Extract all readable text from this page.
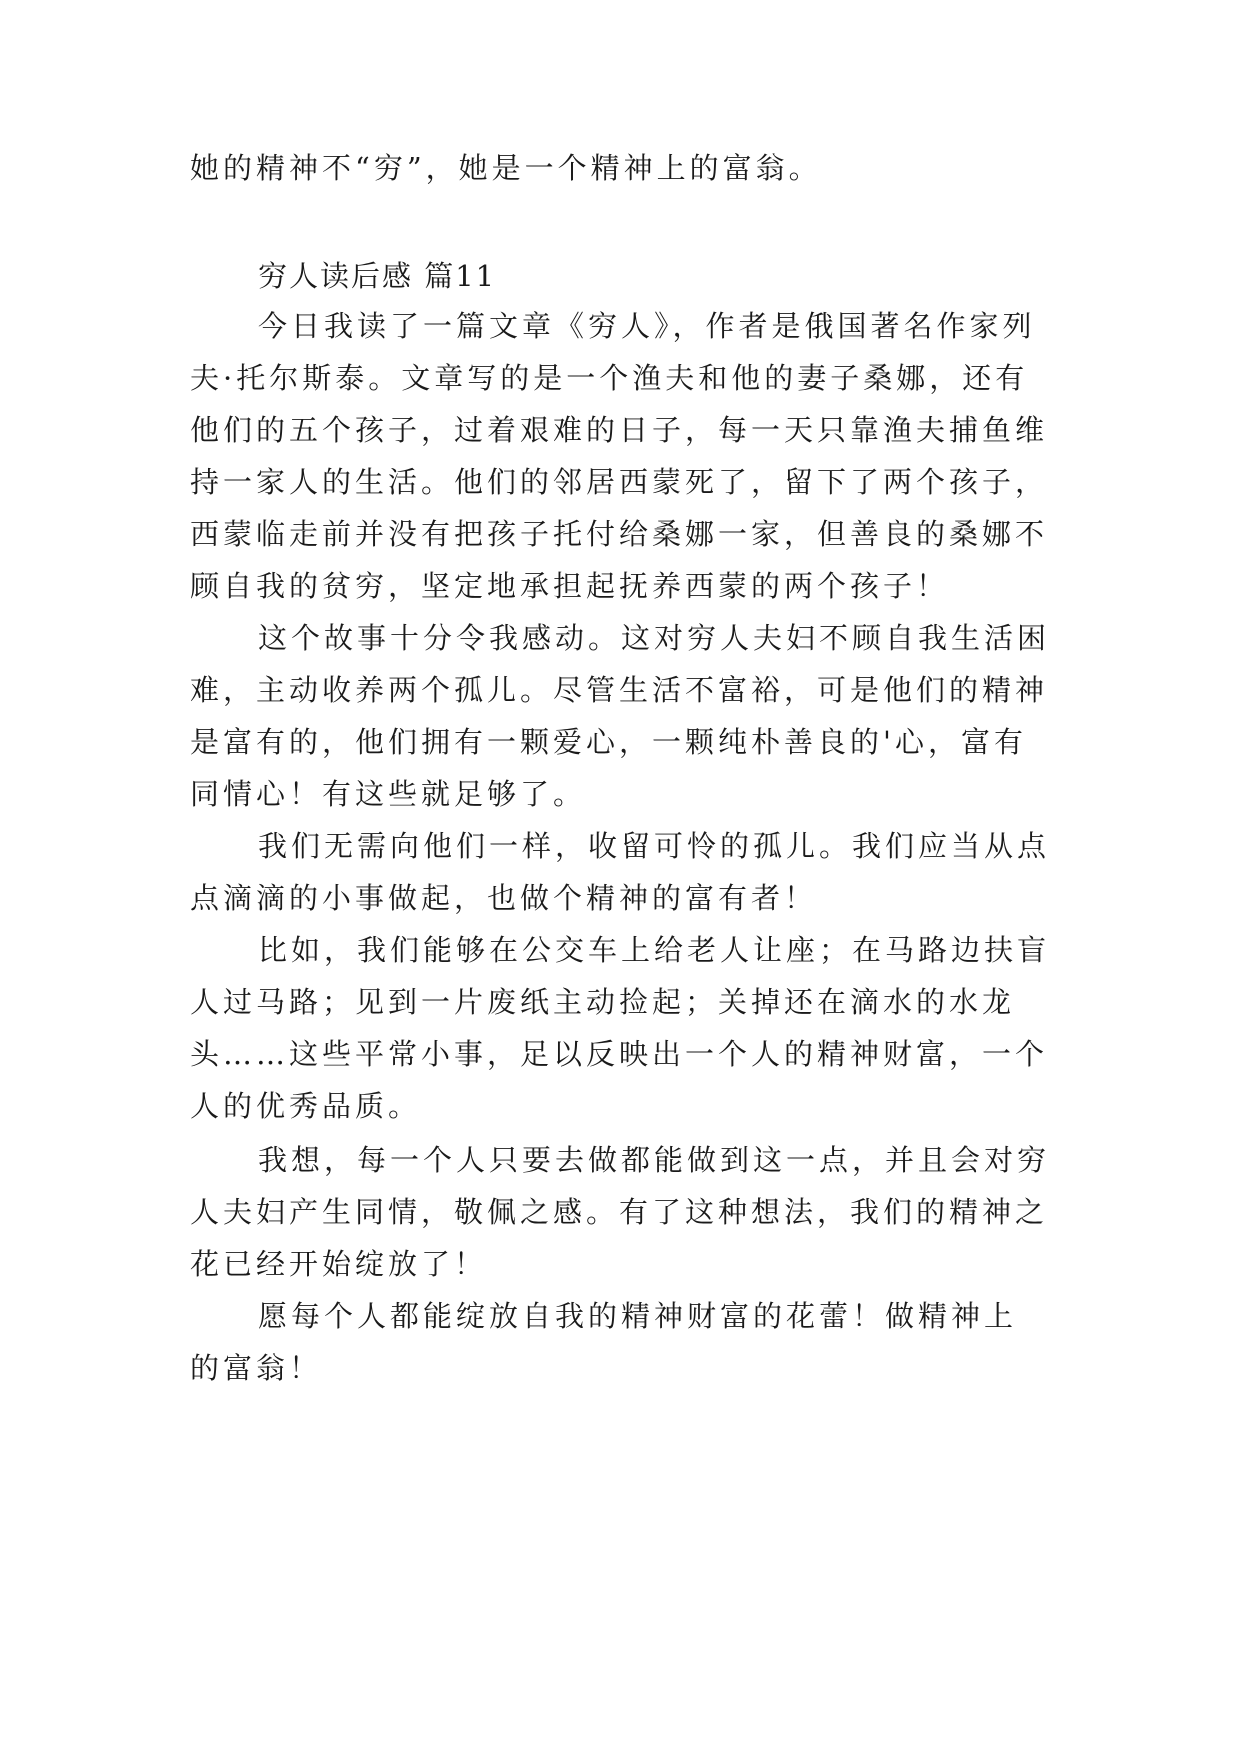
她的精神不“穷”，她是一个精神上的富翁。
穷人读后感 篇11
今日我读了一篇文章《穷人》，作者是俄国著名作家列
夫·托尔斯泰。文章写的是一个渔夫和他的妻子桑娜，还有
他们的五个孩子，过着艰难的日子，每一天只靠渔夫捕鱼维
持一家人的生活。他们的邻居西蒙死了，留下了两个孩子，
西蒙临走前并没有把孩子托付给桑娜一家，但善良的桑娜不
顾自我的贫穷，坚定地承担起抚养西蒙的两个孩子！
这个故事十分令我感动。这对穷人夫妇不顾自我生活困
难，主动收养两个孤儿。尽管生活不富裕，可是他们的精神
是富有的，他们拥有一颗爱心，一颗纯朴善良的'心，富有
同情心！有这些就足够了。
我们无需向他们一样，收留可怜的孤儿。我们应当从点
点滴滴的小事做起，也做个精神的富有者！
比如，我们能够在公交车上给老人让座；在马路边扶盲
人过马路；见到一片废纸主动捡起；关掉还在滴水的水龙
头……这些平常小事，足以反映出一个人的精神财富，一个
人的优秀品质。
我想，每一个人只要去做都能做到这一点，并且会对穷
人夫妇产生同情，敬佩之感。有了这种想法，我们的精神之
花已经开始绽放了！
愿每个人都能绽放自我的精神财富的花蕾！做精神上
的富翁！
